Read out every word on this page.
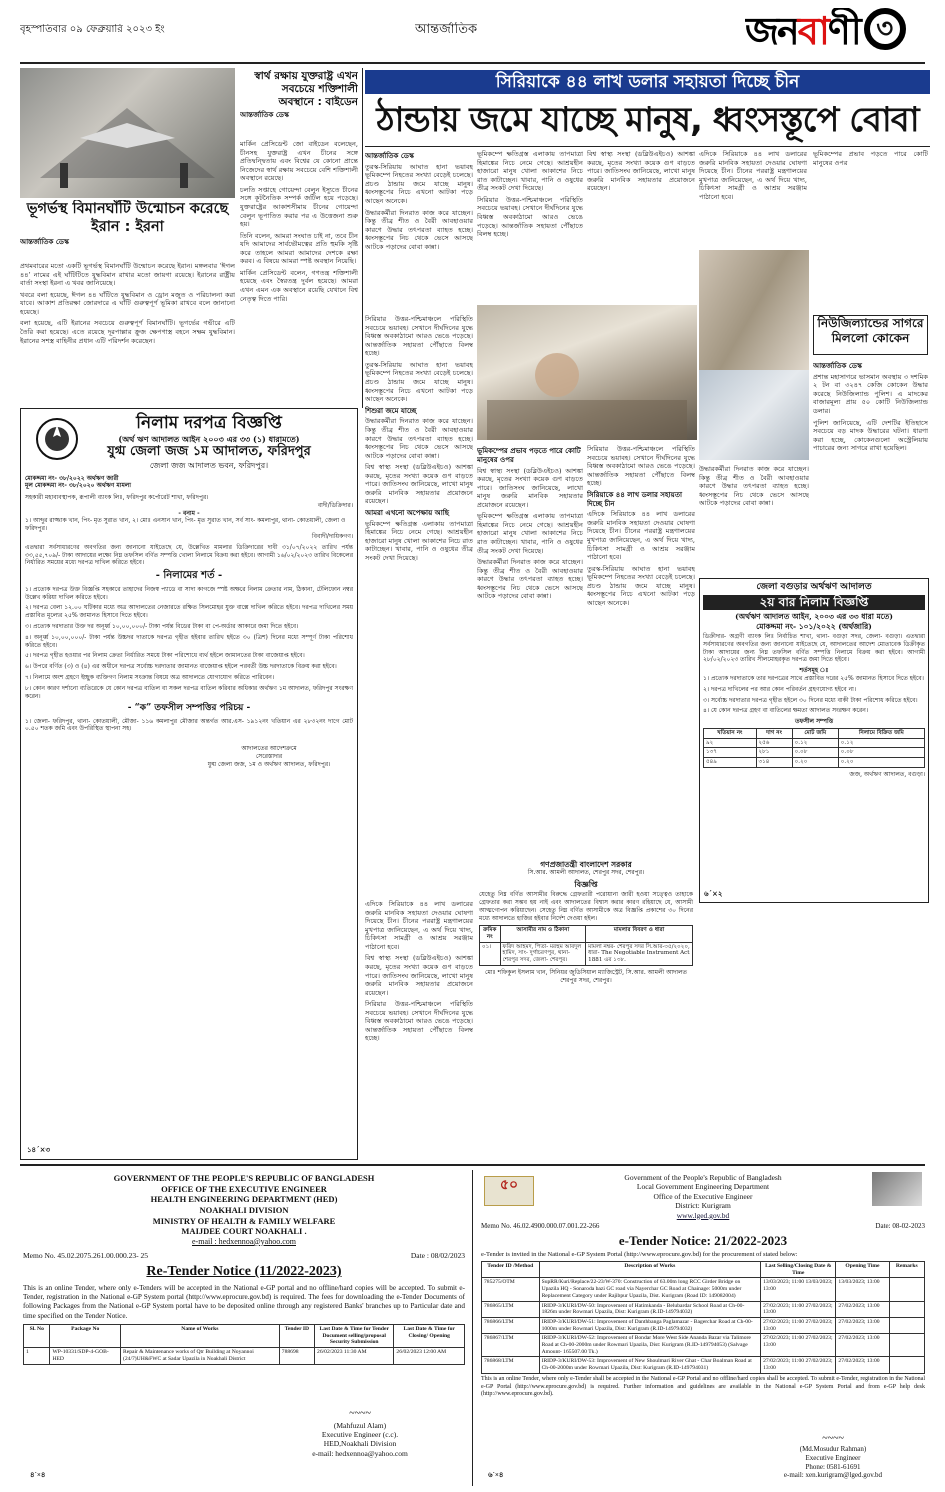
বৃহস্পতিবার ০৯ ফেব্রুয়ারি ২০২৩ ইং	আন্তর্জাতিক	জনবাণী ৩
স্বার্থ রক্ষায় যুক্তরাষ্ট্র এখন
সবচেয়ে শক্তিশালী
অবস্থানে : বাইডেন
আন্তর্জাতিক ডেস্ক

মার্কিন প্রেসিডেন্ট জো বাইডেন বলেছেন, চীনসহ যুক্তরাষ্ট্র এখন চীনের সঙ্গে প্রতিদ্বন্দ্বিতায় এবং বিশ্বের যে কোনো প্রান্তে নিজেদের স্বার্থ রক্ষায় সবচেয়ে বেশি শক্তিশালী অবস্থানে রয়েছে।

চলতি সপ্তাহে গোয়েন্দা বেলুন ইস্যুতে চীনের সঙ্গে কূটনৈতিক সম্পর্ক জটিল হয়ে পড়েছে। যুক্তরাষ্ট্রের আকাশসীমায় চীনের গোয়েন্দা বেলুন ভূপাতিত করার পর এ উত্তেজনা শুরু হয়।

তিনি বলেন, আমরা সংঘাত চাই না, তবে চীন যদি আমাদের সার্বভৌমত্বের প্রতি হুমকি সৃষ্টি করে তাহলে আমরা আমাদের দেশকে রক্ষা করব। এ বিষয়ে আমরা স্পষ্ট অবস্থান নিয়েছি।

মার্কিন প্রেসিডেন্ট বলেন, গণতন্ত্র শক্তিশালী হয়েছে এবং স্বৈরতন্ত্র দুর্বল হয়েছে। আমরা এখন এমন এক অবস্থানে রয়েছি যেখানে বিশ্ব নেতৃত্ব দিতে পারি।

ভূগর্ভস্থ বিমানঘাঁটি উন্মোচন করেছে ইরান : ইরনা
আন্তর্জাতিক ডেস্ক

প্রথমবারের মতো একটি ভূগর্ভস্থ বিমানঘাঁটি উন্মোচন করেছে ইরান। মঙ্গলবার ‘ঈগল ৪৪’ নামের এই ঘাঁটিটিতে যুদ্ধবিমান রাখার মতো জায়গা রয়েছে। ইরানের রাষ্ট্রীয় বার্তা সংস্থা ইরনা এ খবর জানিয়েছে।

খবরে বলা হয়েছে, ঈগল ৪৪ ঘাঁটিতে যুদ্ধবিমান ও ড্রোন মজুত ও পরিচালনা করা যাবে। আকাশ প্রতিরক্ষা জোরদারে এ ঘাঁটি গুরুত্বপূর্ণ ভূমিকা রাখবে বলে জানানো হয়েছে।

বলা হয়েছে, এটি ইরানের সবচেয়ে গুরুত্বপূর্ণ বিমানঘাঁটি। ভূগর্ভের গভীরে এটি তৈরি করা হয়েছে। এতে রয়েছে দূরপাল্লার ক্রুজ ক্ষেপণাস্ত্র বহনে সক্ষম যুদ্ধবিমান। ইরানের সশস্ত্র বাহিনীর প্রধান এটি পরিদর্শন করেছেন।

সিরিয়াকে ৪৪ লাখ ডলার সহায়তা দিচ্ছে চীন
ঠান্ডায় জমে যাচ্ছে মানুষ, ধ্বংসস্তূপে বোবা
আন্তর্জাতিক ডেস্ক

তুরস্ক-সিরিয়ায় আঘাত হানা ভয়াবহ ভূমিকম্পে নিহতের সংখ্যা বেড়েই চলেছে। প্রচণ্ড ঠান্ডায় জমে যাচ্ছে মানুষ। ধ্বংসস্তূপের নিচে এখনো আটকা পড়ে আছেন অনেকে।

উদ্ধারকর্মীরা দিনরাত কাজ করে যাচ্ছেন। কিন্তু তীব্র শীত ও বৈরী আবহাওয়ার কারণে উদ্ধার তৎপরতা ব্যাহত হচ্ছে। ধ্বংসস্তূপের নিচ থেকে ভেসে আসছে আটকে পড়াদের বোবা কান্না।

ভূমিকম্পে ক্ষতিগ্রস্ত এলাকায় তাপমাত্রা হিমাঙ্কের নিচে নেমে গেছে। আশ্রয়হীন হাজারো মানুষ খোলা আকাশের নিচে রাত কাটাচ্ছেন। খাবার, পানি ও ওষুধের তীব্র সংকট দেখা দিয়েছে।

সিরিয়ার উত্তর-পশ্চিমাঞ্চলে পরিস্থিতি সবচেয়ে ভয়াবহ। সেখানে দীর্ঘদিনের যুদ্ধে বিধ্বস্ত অবকাঠামো আরও ভেঙে পড়েছে। আন্তর্জাতিক সহায়তা পৌঁছাতে বিলম্ব হচ্ছে।

বিশ্ব স্বাস্থ্য সংস্থা (ডব্লিউএইচও) আশঙ্কা করছে, মৃতের সংখ্যা কয়েক গুণ বাড়তে পারে। জাতিসংঘ জানিয়েছে, লাখো মানুষ জরুরি মানবিক সহায়তার প্রয়োজনে রয়েছেন।

এদিকে সিরিয়াকে ৪৪ লাখ ডলারের জরুরি মানবিক সহায়তা দেওয়ার ঘোষণা দিয়েছে চীন। চীনের পররাষ্ট্র মন্ত্রণালয়ের মুখপাত্র জানিয়েছেন, এ অর্থ দিয়ে খাদ্য, চিকিৎসা সামগ্রী ও আশ্রয় সরঞ্জাম পাঠানো হবে।

ভূমিকম্পের প্রভাব পড়তে পারে কোটি মানুষের ওপর

নিউজিল্যান্ডের সাগরে মিললো কোকেন
আন্তর্জাতিক ডেস্ক

প্রশান্ত মহাসাগরে ভাসমান অবস্থায় ৩ দশমিক ২ টন বা ৩২৪৭ কেজি কোকেন উদ্ধার করেছে নিউজিল্যান্ড পুলিশ। এ মাদকের বাজারমূল্য প্রায় ৫০ কোটি নিউজিল্যান্ড ডলার।

পুলিশ জানিয়েছে, এটি দেশটির ইতিহাসে সবচেয়ে বড় মাদক উদ্ধারের ঘটনা। ধারণা করা হচ্ছে, কোকেনগুলো অস্ট্রেলিয়ায় পাচারের জন্য সাগরে রাখা হয়েছিল।

সিরিয়ার উত্তর-পশ্চিমাঞ্চলে পরিস্থিতি সবচেয়ে ভয়াবহ। সেখানে দীর্ঘদিনের যুদ্ধে বিধ্বস্ত অবকাঠামো আরও ভেঙে পড়েছে। আন্তর্জাতিক সহায়তা পৌঁছাতে বিলম্ব হচ্ছে।

তুরস্ক-সিরিয়ায় আঘাত হানা ভয়াবহ ভূমিকম্পে নিহতের সংখ্যা বেড়েই চলেছে। প্রচণ্ড ঠান্ডায় জমে যাচ্ছে মানুষ। ধ্বংসস্তূপের নিচে এখনো আটকা পড়ে আছেন অনেকে।

শিশুরা জমে যাচ্ছে

উদ্ধারকর্মীরা দিনরাত কাজ করে যাচ্ছেন। কিন্তু তীব্র শীত ও বৈরী আবহাওয়ার কারণে উদ্ধার তৎপরতা ব্যাহত হচ্ছে। ধ্বংসস্তূপের নিচ থেকে ভেসে আসছে আটকে পড়াদের বোবা কান্না।

বিশ্ব স্বাস্থ্য সংস্থা (ডব্লিউএইচও) আশঙ্কা করছে, মৃতের সংখ্যা কয়েক গুণ বাড়তে পারে। জাতিসংঘ জানিয়েছে, লাখো মানুষ জরুরি মানবিক সহায়তার প্রয়োজনে রয়েছেন।

আমরা এখনো অপেক্ষায় আছি

ভূমিকম্পে ক্ষতিগ্রস্ত এলাকায় তাপমাত্রা হিমাঙ্কের নিচে নেমে গেছে। আশ্রয়হীন হাজারো মানুষ খোলা আকাশের নিচে রাত কাটাচ্ছেন। খাবার, পানি ও ওষুধের তীব্র সংকট দেখা দিয়েছে।

ভূমিকম্পের প্রভাব পড়তে পারে কোটি মানুষের ওপর

বিশ্ব স্বাস্থ্য সংস্থা (ডব্লিউএইচও) আশঙ্কা করছে, মৃতের সংখ্যা কয়েক গুণ বাড়তে পারে। জাতিসংঘ জানিয়েছে, লাখো মানুষ জরুরি মানবিক সহায়তার প্রয়োজনে রয়েছেন।

ভূমিকম্পে ক্ষতিগ্রস্ত এলাকায় তাপমাত্রা হিমাঙ্কের নিচে নেমে গেছে। আশ্রয়হীন হাজারো মানুষ খোলা আকাশের নিচে রাত কাটাচ্ছেন। খাবার, পানি ও ওষুধের তীব্র সংকট দেখা দিয়েছে।

উদ্ধারকর্মীরা দিনরাত কাজ করে যাচ্ছেন। কিন্তু তীব্র শীত ও বৈরী আবহাওয়ার কারণে উদ্ধার তৎপরতা ব্যাহত হচ্ছে। ধ্বংসস্তূপের নিচ থেকে ভেসে আসছে আটকে পড়াদের বোবা কান্না।

সিরিয়ার উত্তর-পশ্চিমাঞ্চলে পরিস্থিতি সবচেয়ে ভয়াবহ। সেখানে দীর্ঘদিনের যুদ্ধে বিধ্বস্ত অবকাঠামো আরও ভেঙে পড়েছে। আন্তর্জাতিক সহায়তা পৌঁছাতে বিলম্ব হচ্ছে।

সিরিয়াকে ৪৪ লাখ ডলার সহায়তা দিচ্ছে চীন

এদিকে সিরিয়াকে ৪৪ লাখ ডলারের জরুরি মানবিক সহায়তা দেওয়ার ঘোষণা দিয়েছে চীন। চীনের পররাষ্ট্র মন্ত্রণালয়ের মুখপাত্র জানিয়েছেন, এ অর্থ দিয়ে খাদ্য, চিকিৎসা সামগ্রী ও আশ্রয় সরঞ্জাম পাঠানো হবে।

তুরস্ক-সিরিয়ায় আঘাত হানা ভয়াবহ ভূমিকম্পে নিহতের সংখ্যা বেড়েই চলেছে। প্রচণ্ড ঠান্ডায় জমে যাচ্ছে মানুষ। ধ্বংসস্তূপের নিচে এখনো আটকা পড়ে আছেন অনেকে।

উদ্ধারকর্মীরা দিনরাত কাজ করে যাচ্ছেন। কিন্তু তীব্র শীত ও বৈরী আবহাওয়ার কারণে উদ্ধার তৎপরতা ব্যাহত হচ্ছে। ধ্বংসস্তূপের নিচ থেকে ভেসে আসছে আটকে পড়াদের বোবা কান্না।

জেলা বগুড়ার অর্থঋণ আদালত
২য় বার নিলাম বিজ্ঞপ্তি
(অর্থঋণ আদালত আইন, ২০০৩ এর ৩৩ ধারা মতে)
মোকদ্দমা নং- ১০১/২০২২ (অর্থজারি)

ডিক্রীদার- অগ্রণী ব্যাংক লিঃ নির্বাচিত শাখা, থানা- বগুড়া সদর, জেলা- বগুড়া। এতদ্বারা সর্বসাধারণের অবগতির জন্য জানানো যাইতেছে যে, আদালতের আদেশ মোতাবেক ডিক্রীকৃত টাকা আদায়ের জন্য নিম্ন তফসিল বর্ণিত সম্পত্তি নিলামে বিক্রয় করা হইবে। আগামী ২৮/০২/২০২৩ তারিখ সীলমোহরকৃত দরপত্র জমা দিতে হইবে।

শর্তসমূহ ঃ

১। প্রত্যেক দরদাতাকে তার দরপত্রের সাথে প্রস্তাবিত দরের ২৫% জামানত হিসাবে দিতে হইবে।

২। দরপত্র দাখিলের পর আর কোন পরিবর্তন গ্রহণযোগ্য হইবে না।

৩। সর্বোচ্চ দরদাতার দরপত্র গৃহীত হইলে ৩০ দিনের মধ্যে বাকী টাকা পরিশোধ করিতে হইবে।

৪। যে কোন দরপত্র গ্রহণ বা বাতিলের ক্ষমতা আদালত সংরক্ষণ করেন।

তফসীল সম্পত্তি
খতিয়ান নং	দাগ নং	মোট জমি	নিলামে বিক্রিত জমি
৯২	২৫৬	০.১২	০.১২
১৩৭	২৮১	০.০৮	০.০৮
৫৪৯	৩১৪	০.২০	০.২০
জজ, অর্থঋণ আদালত, বগুড়া।
৬´×২
গণপ্রজাতন্ত্রী বাংলাদেশ সরকার
সি.আর. আমলী আদালত, শেরপুর সদর, শেরপুর।
বিজ্ঞপ্তি

যেহেতু নিম্ন বর্ণিত আসামীর বিরুদ্ধে গ্রেফতারী পরোয়ানা জারী হওয়া সত্ত্বেও তাহাকে গ্রেফতার করা সম্ভব হয় নাই এবং আদালতের বিশ্বাস করার কারণ রহিয়াছে যে, আসামী আত্মগোপন করিয়াছেন। সেহেতু নিম্ন বর্ণিত আসামীকে অত্র বিজ্ঞপ্তি প্রকাশের ৩০ দিনের মধ্যে আদালতে হাজির হইবার নির্দেশ দেওয়া হইল।

ক্রমিক নং	আসামীর নাম ও ঠিকানা	মামলার বিবরণ ও ধারা
০১।	ফরিদ আহমদ, পিতা- মরহুম আবদুল হামিদ, সাং- দুর্গাচরণপুর, থানা- শেরপুর সদর, জেলা- শেরপুর।	মামলা নম্বর- শেরপুর সদর সি.আর-৩৫/২০২০, ধারা- The Negotiable Instrument Act 1881 এর ১৩৮.
মোঃ শফিকুল ইসলাম খান, সিনিয়র জুডিসিয়াল ম্যাজিস্ট্রেট, সি.আর. আমলী আদালত শেরপুর সদর, শেরপুর।

এদিকে সিরিয়াকে ৪৪ লাখ ডলারের জরুরি মানবিক সহায়তা দেওয়ার ঘোষণা দিয়েছে চীন। চীনের পররাষ্ট্র মন্ত্রণালয়ের মুখপাত্র জানিয়েছেন, এ অর্থ দিয়ে খাদ্য, চিকিৎসা সামগ্রী ও আশ্রয় সরঞ্জাম পাঠানো হবে।

বিশ্ব স্বাস্থ্য সংস্থা (ডব্লিউএইচও) আশঙ্কা করছে, মৃতের সংখ্যা কয়েক গুণ বাড়তে পারে। জাতিসংঘ জানিয়েছে, লাখো মানুষ জরুরি মানবিক সহায়তার প্রয়োজনে রয়েছেন।

সিরিয়ার উত্তর-পশ্চিমাঞ্চলে পরিস্থিতি সবচেয়ে ভয়াবহ। সেখানে দীর্ঘদিনের যুদ্ধে বিধ্বস্ত অবকাঠামো আরও ভেঙে পড়েছে। আন্তর্জাতিক সহায়তা পৌঁছাতে বিলম্ব হচ্ছে।

নিলাম দরপত্র বিজ্ঞপ্তি
(অর্থ ঋণ আদালত আইন ২০০৩ এর ৩৩ (১) ধারামতে)
যুগ্ম জেলা জজ ১ম আদালত, ফরিদপুর
জেলা জজ আদালত ভবন, ফরিদপুর।
মোকদ্দমা নং- ৩৮/২০২২ অর্থঋণ জারী
মূল মোকদ্দমা নং- ৩৮/২০২০ অর্থঋণ মামলা
সহকারী মহাব্যবস্থাপক, রূপালী ব্যাংক লিঃ, ফরিদপুর কর্পোরেট শাখা, ফরিদপুর।
বাদী/ডিক্রিদার।
- বনাম -
১। আব্দুর রাজ্জাক খান, পিং- মৃত সুরাত খান, ২। মোঃ এনসান খান, পিং- মৃত সুরাত খান, সর্ব সাং- কমলাপুর, থানা- কোতয়ালী, জেলা ও ফরিদপুর।
বিবাদী/দায়িকগণ।

এতদ্বারা সর্বসাধারণের অবগতির জন্য জানানো যাইতেছে যে, উল্লেখিত মামলার ডিক্রিদারের দাবী ৩১/০৭/২০২২ তারিখ পর্যন্ত ৩৩,৫৫,৭০৯/- টাকা আদায়ের লক্ষ্যে নিম্ন তফসিল বর্ণিত সম্পত্তি খোলা নিলামে বিক্রয় করা হইবে। আগামী ১৬/০২/২০২৩ তারিখ বিকেলের নির্ধারিত সময়ের মধ্যে দরপত্র দাখিল করিতে হইবে।

- নিলামের শর্ত -

১। প্রত্যেক দরপত্র উক্ত বিজ্ঞপ্তি সহকারে তাহাদের নিজস্ব প্যাডে বা সাদা কাগজে স্পষ্ট অক্ষরে নিলাম ক্রেতার নাম, ঠিকানা, টেলিফোন নম্বর উল্লেখ করিয়া দাখিল করিতে হইবে।

২। দরপত্র বেলা ১২.০০ ঘটিকার মধ্যে অত্র আদালতের নেজারতে রক্ষিত সিলমোহর যুক্ত বাক্সে দাখিল করিতে হইবে। দরপত্র দাখিলের সময় প্রস্তাবিত মূল্যের ২৫% জামানত হিসাবে দিতে হইবে।

৩। প্রত্যেক দরদাতার উক্ত দর অনূর্ধ্ব ১০,০০,০০০/- টাকা পর্যন্ত বিডের টাকা বা পে-অর্ডার আকারে জমা দিতে হইবে।

৪। অনূর্ধ্ব ১০,০০,০০০/- টাকা পর্যন্ত উচ্চদর দাতাকে দরপত্র গৃহীত হইবার তারিখ হইতে ৩০ (ত্রিশ) দিনের মধ্যে সম্পূর্ণ টাকা পরিশোধ করিতে হইবে।

৫। দরপত্র গৃহীত হওয়ার পর নিলাম ক্রেতা নির্ধারিত সময়ে টাকা পরিশোধে ব্যর্থ হইলে জামানতের টাকা বাজেয়াপ্ত হইবে।

৬। উপরে বর্ণিত (৩) ও (৪) এর অধীনে দরপত্র সর্বোচ্চ দরদাতার জামানত বাজেয়াপ্ত হইলে পরবর্তী উচ্চ দরদাতাকে বিক্রয় করা হইবে।

৭। নিলামে অংশ গ্রহণে ইচ্ছুক ব্যক্তিগণ নিলাম সংক্রান্ত বিষয়ে অত্র আদালতে যোগাযোগ করিতে পারিবেন।

৮। কোন কারণ দর্শানো ব্যতিরেকে যে কোন দরপত্র বাতিল বা সকল দরপত্র বাতিল করিবার অধিকার অর্থঋণ ১ম আদালত, ফরিদপুর সংরক্ষণ করেন।

- “ক” তফসীল সম্পত্তির পরিচয় -

১। জেলা- ফরিদপুর, থানা- কোতয়ালী, মৌজা- ১১৬ কমলাপুর মৌজার অন্তর্গত আর.এস- ১৯১২নং খতিয়ান এর ২৮৩২নং দাগে মোট ০.৫০ শতক জমি এবং উপরিস্থিত স্থাপনা সহ।

আদালতের আদেশক্রমে
সেরেস্তাদার
যুগ্ম জেলা জজ, ১ম ও অর্থঋণ আদালত, ফরিদপুর।
১৪´×৩
GOVERNMENT OF THE PEOPLE'S REPUBLIC OF BANGLADESH
OFFICE OF THE EXECUTIVE ENGINEER
HEALTH ENGINEERING DEPARTMENT (HED)
NOAKHALI DIVISION
MINISTRY OF HEALTH & FAMILY WELFARE
MAIJDEE COURT NOAKHALI .
e-mail : hedxennoa@yahoo.com
Memo No. 45.02.2075.261.00.000.23- 25	Date : 08/02/2023
Re-Tender Notice (11/2022-2023)

This is an online Tender, where only e-Tenders will be accepted in the National e-GP portal and no offline/hard copies will be accepted. To submit e-Tender, registration in the National e-GP System portal (http://www.eprocure.gov.bd) is required. The fees for downloading the e-Tender Documents of following Packages from the National e-GP System portal have to be deposited online through any registered Banks' branches up to Particular date and time specified on the Tender Notice.

Sl. No	Package No	Name of Works	Tender ID	Last Date & Time for Tender Document selling/proposal Security Submission	Last Date & Time for Closing/ Opening
1	WP-10331/SDP-4-GOB-HED	Repair & Maintenance works of Qtr Building at Noyannoi (24/7)UH&FWC at Sadar Upazila in Noakhali District	788698	26/02/2023 11:30 AM	26/02/2023 12:00 AM
~~~~
(Mahfuzul Alam)
Executive Engineer (c.c).
HED,Noakhali Division
e-mail: hedxennoa@yahoo.com
৪´×৪
৫০
Government of the People's Republic of Bangladesh
Local Government Engineering Department
Office of the Executive Engineer
District: Kurigram
www.lged.gov.bd
Memo No. 46.02.4900.000.07.001.22-266	Date: 08-02-2023
e-Tender Notice: 21/2022-2023
e-Tender is invited in the National e-GP System Portal (http://www.eprocure.gov.bd) for the procurement of stated below:
Tender ID /Method	Description of Works	Last Selling/Closing Date & Time	Opening Time	Remarks
785275/OTM	SupRR/Kuri/Replace/22-23/W-370: Construction of 63.00m long RCC Girder Bridge on Upazila HQ - Sonaroda bazi GC road via Nayerchar GC Road at Chainage: 5000m under Replacement Category under Rajibpur Upazila, Dist. Kurigram (Road ID: 149082004)	13/03/2023; 11:00 13/03/2023; 13:00	13/03/2023; 13:00	
786865/LTM	IRIDP-3/KURI/DW-50: Improvement of Hatimkanda - Belubardar School Road at Ch-00-1826m under Rowmari Upazila, Dist: Kurigram (R.ID-149794032)	27/02/2023; 11:00 27/02/2023; 13:00	27/02/2023; 13:00	
786866/LTM	IRIDP-3/KURI/DW-51: Improvement of Danthbanga Paglamazar - Bagerchar Road at Ch-00-1000m under Rowmari Upazila, Dist: Kurigram (R.ID-149794032)	27/02/2023; 11:00 27/02/2023; 13:00	27/02/2023; 13:00	
786867/LTM	IRIDP-3/KURI/DW-52: Improvement of Bondar More West Side Ananda Bazar via Talimore Road at Ch-00-2000m under Rowmari Upazila, Dist: Kurigram (R.ID-149794053) (Salvage Amount- 165507.00 Tk.)	27/02/2023; 11:00 27/02/2023; 13:00	27/02/2023; 13:00	
786868/LTM	IRIDP-3/KURI/DW-53: Improvement of New Shoulmari River Ghat - Char Boalman Road at Ch-00-2000m under Rowmari Upazila, Dist: Kurigram (R.ID-149794031)	27/02/2023; 11:00 27/02/2023; 13:00	27/02/2023; 13:00	

This is an online Tender, where only e-Tender shall be accepted in the National e-GP Portal and no offline/hard copies shall be accepted. To submit e-Tender, registration in the National e-GP Portal (http://www.eprocure.gov.bd) is required. Further information and guidelines are available in the National e-GP System Portal and from e-GP help desk (http://www.eprocure.gov.bd).

~~~~
(Md.Mosudur Rahman)
Executive Engineer
Phone: 0581-61691
e-mail: xen.kurigram@lged.gov.bd
৬´×৪
